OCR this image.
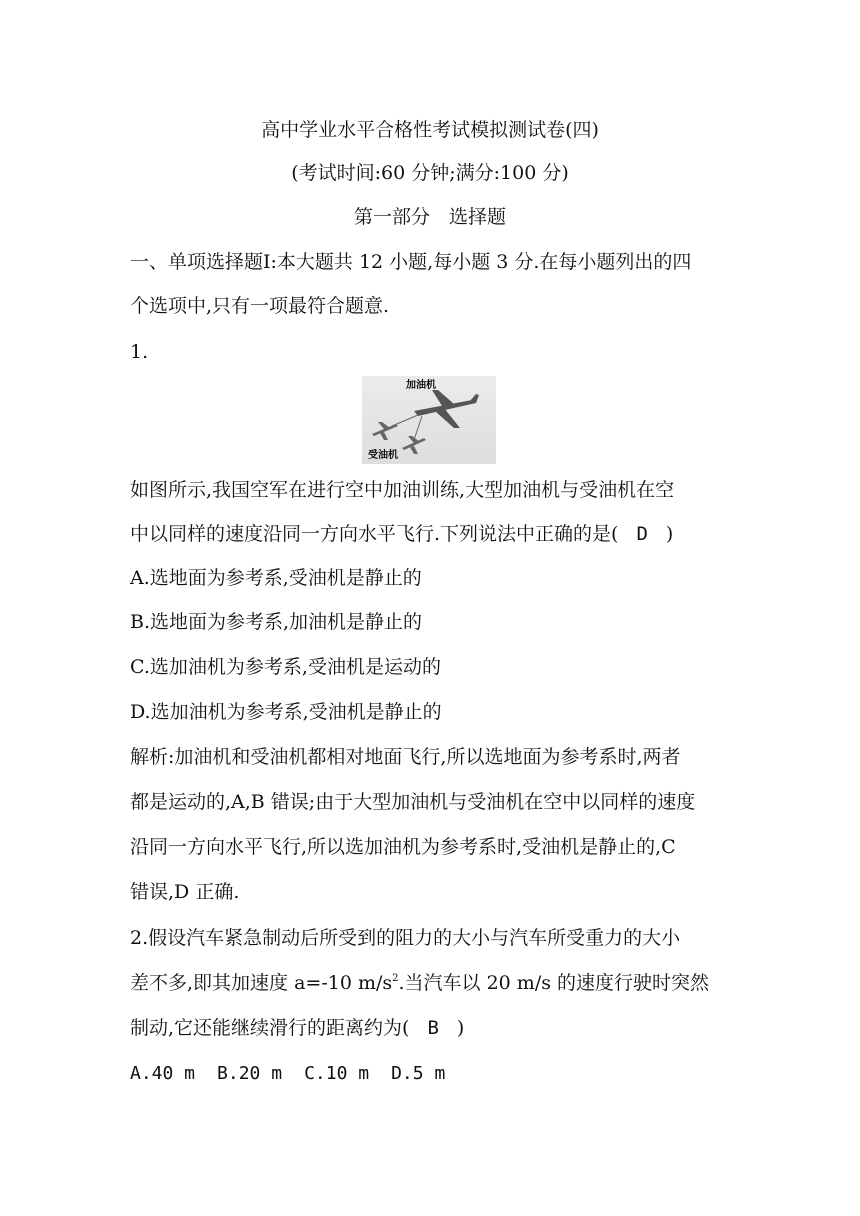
高中学业水平合格性考试模拟测试卷(四)
(考试时间:60 分钟;满分:100 分)
第一部分　选择题
一、单项选择题Ⅰ:本大题共 12 小题,每小题 3 分.在每小题列出的四
个选项中,只有一项最符合题意.
1.
加油机
受油机
如图所示,我国空军在进行空中加油训练,大型加油机与受油机在空
中以同样的速度沿同一方向水平飞行.下列说法中正确的是( D )
A.选地面为参考系,受油机是静止的
B.选地面为参考系,加油机是静止的
C.选加油机为参考系,受油机是运动的
D.选加油机为参考系,受油机是静止的
解析:加油机和受油机都相对地面飞行,所以选地面为参考系时,两者
都是运动的,A,B 错误;由于大型加油机与受油机在空中以同样的速度
沿同一方向水平飞行,所以选加油机为参考系时,受油机是静止的,C
错误,D 正确.
2.假设汽车紧急制动后所受到的阻力的大小与汽车所受重力的大小
差不多,即其加速度 a=-10 $m/s^2$.当汽车以 20 m/s 的速度行驶时突然
制动,它还能继续滑行的距离约为( B )
A.40 m B.20 m C.10 m D.5 m
